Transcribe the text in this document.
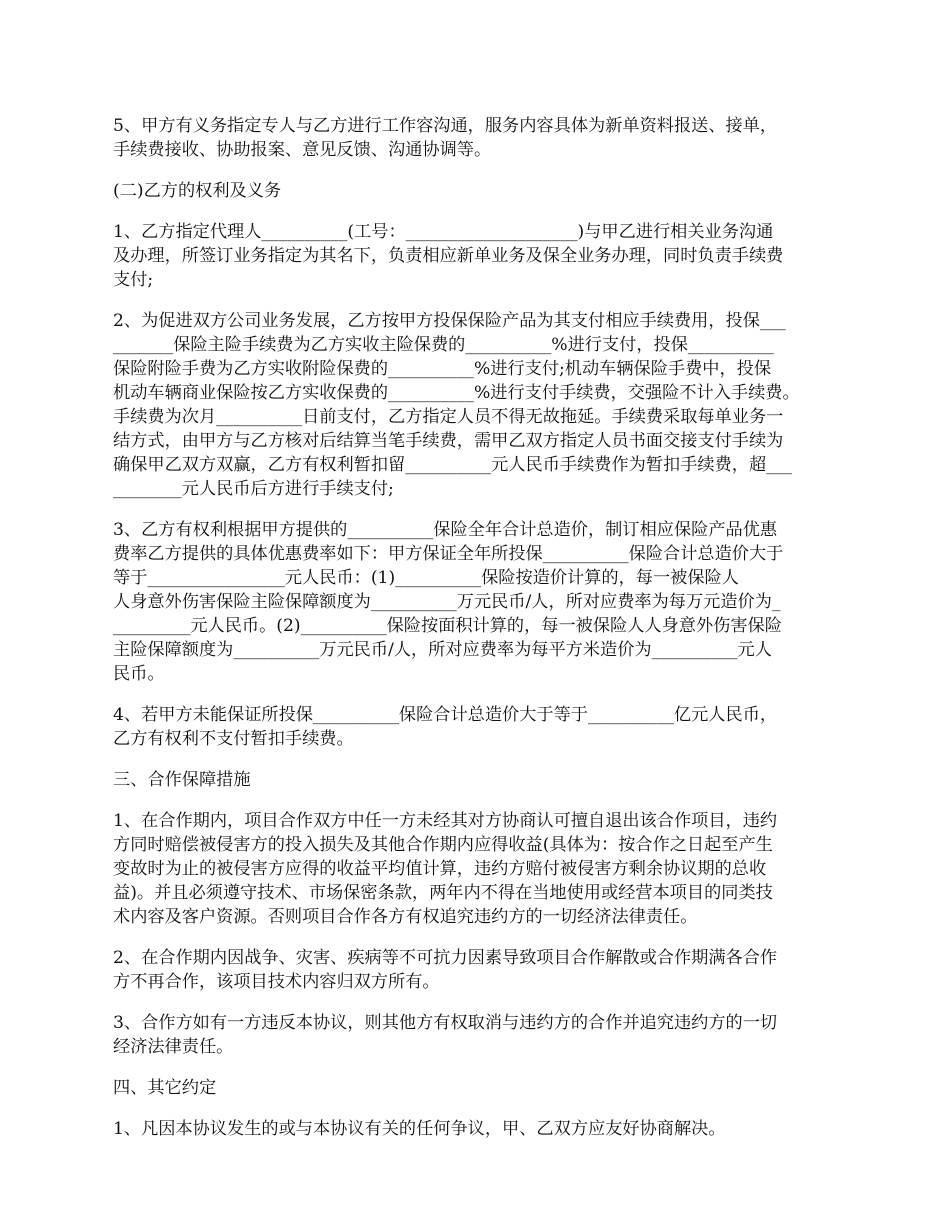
5、甲方有义务指定专人与乙方进行工作容沟通，服务内容具体为新单资料报送、接单，
手续费接收、协助报案、意见反馈、沟通协调等。

(二)乙方的权利及义务

1、乙方指定代理人__________(工号：____________________)与甲乙进行相关业务沟通
及办理，所签订业务指定为其名下，负责相应新单业务及保全业务办理，同时负责手续费
支付;

2、为促进双方公司业务发展，乙方按甲方投保保险产品为其支付相应手续费用，投保___
_______保险主险手续费为乙方实收主险保费的__________%进行支付，投保__________
保险附险手费为乙方实收附险保费的__________%进行支付;机动车辆保险手费中，投保
机动车辆商业保险按乙方实收保费的__________%进行支付手续费，交强险不计入手续费。
手续费为次月__________日前支付，乙方指定人员不得无故拖延。手续费采取每单业务一
结方式，由甲方与乙方核对后结算当笔手续费，需甲乙双方指定人员书面交接支付手续为
确保甲乙双方双赢，乙方有权利暂扣留__________元人民币手续费作为暂扣手续费，超___
________元人民币后方进行手续支付;

3、乙方有权利根据甲方提供的__________保险全年合计总造价，制订相应保险产品优惠
费率乙方提供的具体优惠费率如下：甲方保证全年所投保__________保险合计总造价大于
等于________________元人民币：(1)__________保险按造价计算的，每一被保险人
人身意外伤害保险主险保障额度为__________万元民币/人，所对应费率为每万元造价为_
_________元人民币。(2)__________保险按面积计算的，每一被保险人人身意外伤害保险
主险保障额度为__________万元民币/人，所对应费率为每平方米造价为__________元人
民币。

4、若甲方未能保证所投保__________保险合计总造价大于等于__________亿元人民币，
乙方有权利不支付暂扣手续费。

三、合作保障措施

1、在合作期内，项目合作双方中任一方未经其对方协商认可擅自退出该合作项目，违约
方同时赔偿被侵害方的投入损失及其他合作期内应得收益(具体为：按合作之日起至产生
变故时为止的被侵害方应得的收益平均值计算，违约方赔付被侵害方剩余协议期的总收
益)。并且必须遵守技术、市场保密条款，两年内不得在当地使用或经营本项目的同类技
术内容及客户资源。否则项目合作各方有权追究违约方的一切经济法律责任。

2、在合作期内因战争、灾害、疾病等不可抗力因素导致项目合作解散或合作期满各合作
方不再合作，该项目技术内容归双方所有。

3、合作方如有一方违反本协议，则其他方有权取消与违约方的合作并追究违约方的一切
经济法律责任。

四、其它约定

1、凡因本协议发生的或与本协议有关的任何争议，甲、乙双方应友好协商解决。
